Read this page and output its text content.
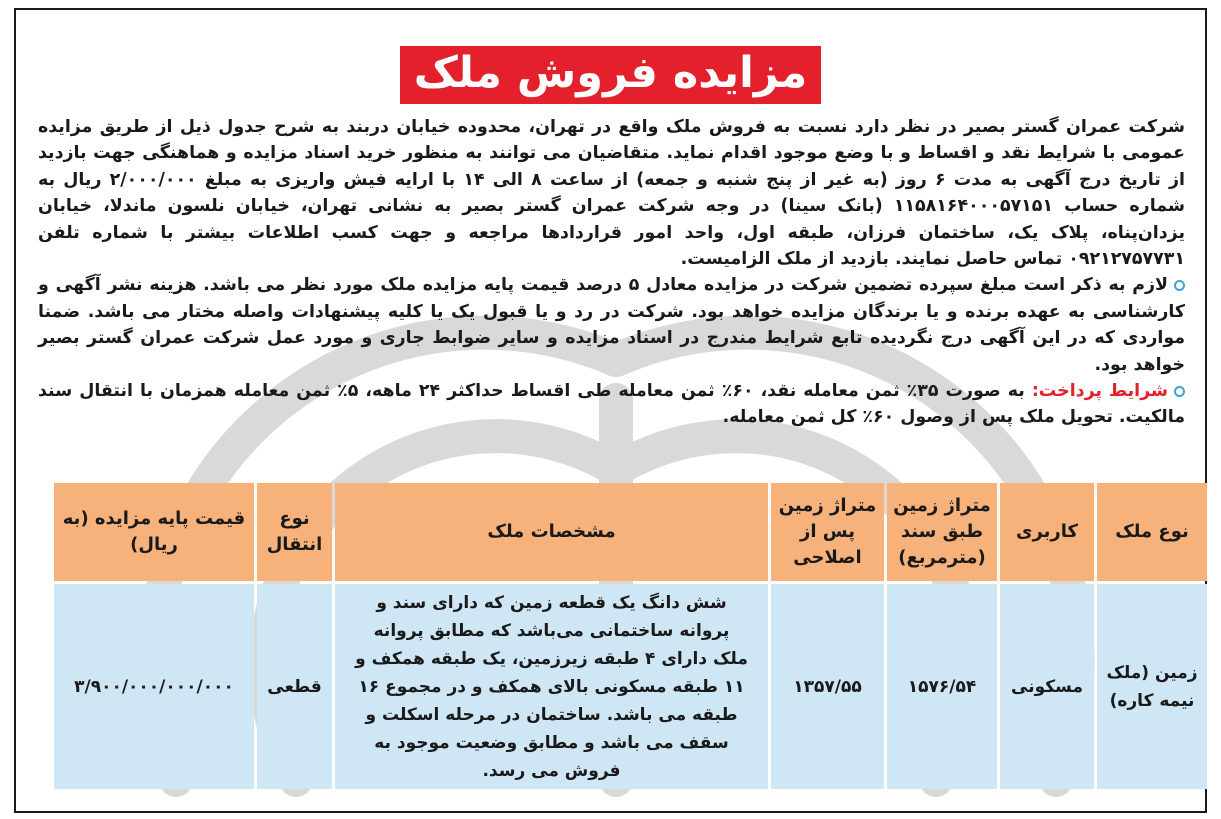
مزایده فروش ملک

شرکت عمران گستر بصیر در نظر دارد نسبت به فروش ملک واقع در تهران، محدوده خیابان دربند به شرح جدول ذیل از طریق مزایده عمومی با شرایط نقد و اقساط و با وضع موجود اقدام نماید. متقاضیان می توانند به منظور خرید اسناد مزایده و هماهنگی جهت بازدید از تاریخ درج آگهی به مدت ۶ روز (به غیر از پنج شنبه و جمعه) از ساعت ۸ الی ۱۴ با ارایه فیش واریزی به مبلغ ۲/۰۰۰/۰۰۰ ریال به شماره حساب ۱۱۵۸۱۶۴۰۰۰۵۷۱۵۱ (بانک سینا) در وجه شرکت عمران گستر بصیر به نشانی تهران، خیابان نلسون ماندلا، خیابان یزدان‌پناه، پلاک یک، ساختمان فرزان، طبقه اول، واحد امور قراردادها مراجعه و جهت کسب اطلاعات بیشتر با شماره تلفن ۰۹۲۱۲۷۵۷۷۳۱ تماس حاصل نمایند. بازدید از ملک الزامیست.

لازم به ذکر است مبلغ سپرده تضمین شرکت در مزایده معادل ۵ درصد قیمت پایه مزایده ملک مورد نظر می باشد. هزینه نشر آگهی و کارشناسی به عهده برنده و یا برندگان مزایده خواهد بود. شرکت در رد و یا قبول یک یا کلیه پیشنهادات واصله مختار می باشد. ضمنا مواردی که در این آگهی درج نگردیده تابع شرایط مندرج در اسناد مزایده و سایر ضوابط جاری و مورد عمل شرکت عمران گستر بصیر خواهد بود.

شرایط پرداخت: به صورت ۳۵٪ ثمن معامله نقد، ۶۰٪ ثمن معامله طی اقساط حداکثر ۲۴ ماهه، ۵٪ ثمن معامله همزمان با انتقال سند مالکیت. تحویل ملک پس از وصول ۶۰٪ کل ثمن معامله.

نوع ملک	کاربری	متراژ زمین طبق سند (مترمربع)	متراژ زمین پس از اصلاحی	مشخصات ملک	نوع انتقال	قیمت پایه مزایده (به ریال)
زمین (ملک نیمه کاره)	مسکونی	۱۵۷۶/۵۴	۱۳۵۷/۵۵	شش دانگ یک قطعه زمین که دارای سند و پروانه ساختمانی می‌باشد که مطابق پروانه ملک دارای ۴ طبقه زیرزمین، یک طبقه همکف و ۱۱ طبقه مسکونی بالای همکف و در مجموع ۱۶ طبقه می باشد. ساختمان در مرحله اسکلت و سقف می باشد و مطابق وضعیت موجود به فروش می رسد.	قطعی	۳/۹۰۰/۰۰۰/۰۰۰/۰۰۰
